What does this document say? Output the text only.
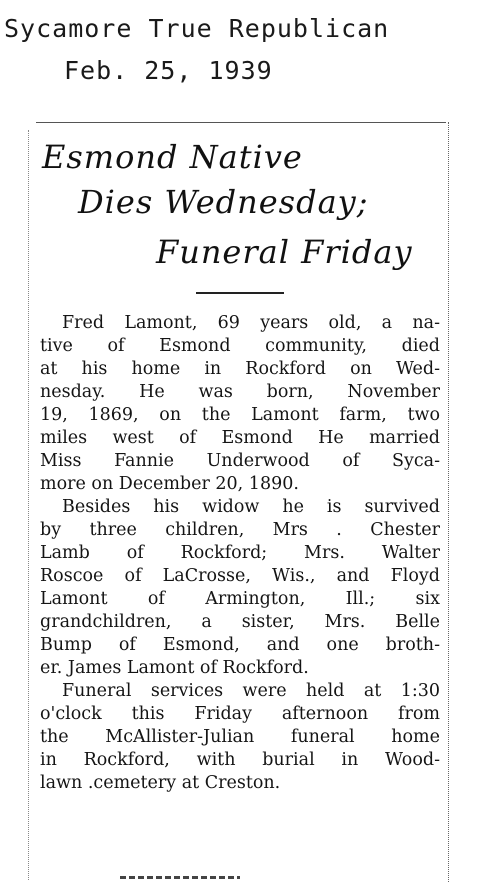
Sycamore True Republican
Feb. 25, 1939
Esmond Native
Dies Wednesday;
Funeral Friday
Fred Lamont, 69 years old, a na-
tive of Esmond community, died
at his home in Rockford on Wed-
nesday. He was born, November
19, 1869, on the Lamont farm, two
miles west of Esmond He married
Miss Fannie Underwood of Syca-
more on December 20, 1890.
Besides his widow he is survived
by three children, Mrs . Chester
Lamb of Rockford; Mrs. Walter
Roscoe of LaCrosse, Wis., and Floyd
Lamont of Armington, Ill.; six
grandchildren, a sister, Mrs. Belle
Bump of Esmond, and one broth-
er. James Lamont of Rockford.
Funeral services were held at 1:30
o'clock this Friday afternoon from
the McAllister-Julian funeral home
in Rockford, with burial in Wood-
lawn .cemetery at Creston.
